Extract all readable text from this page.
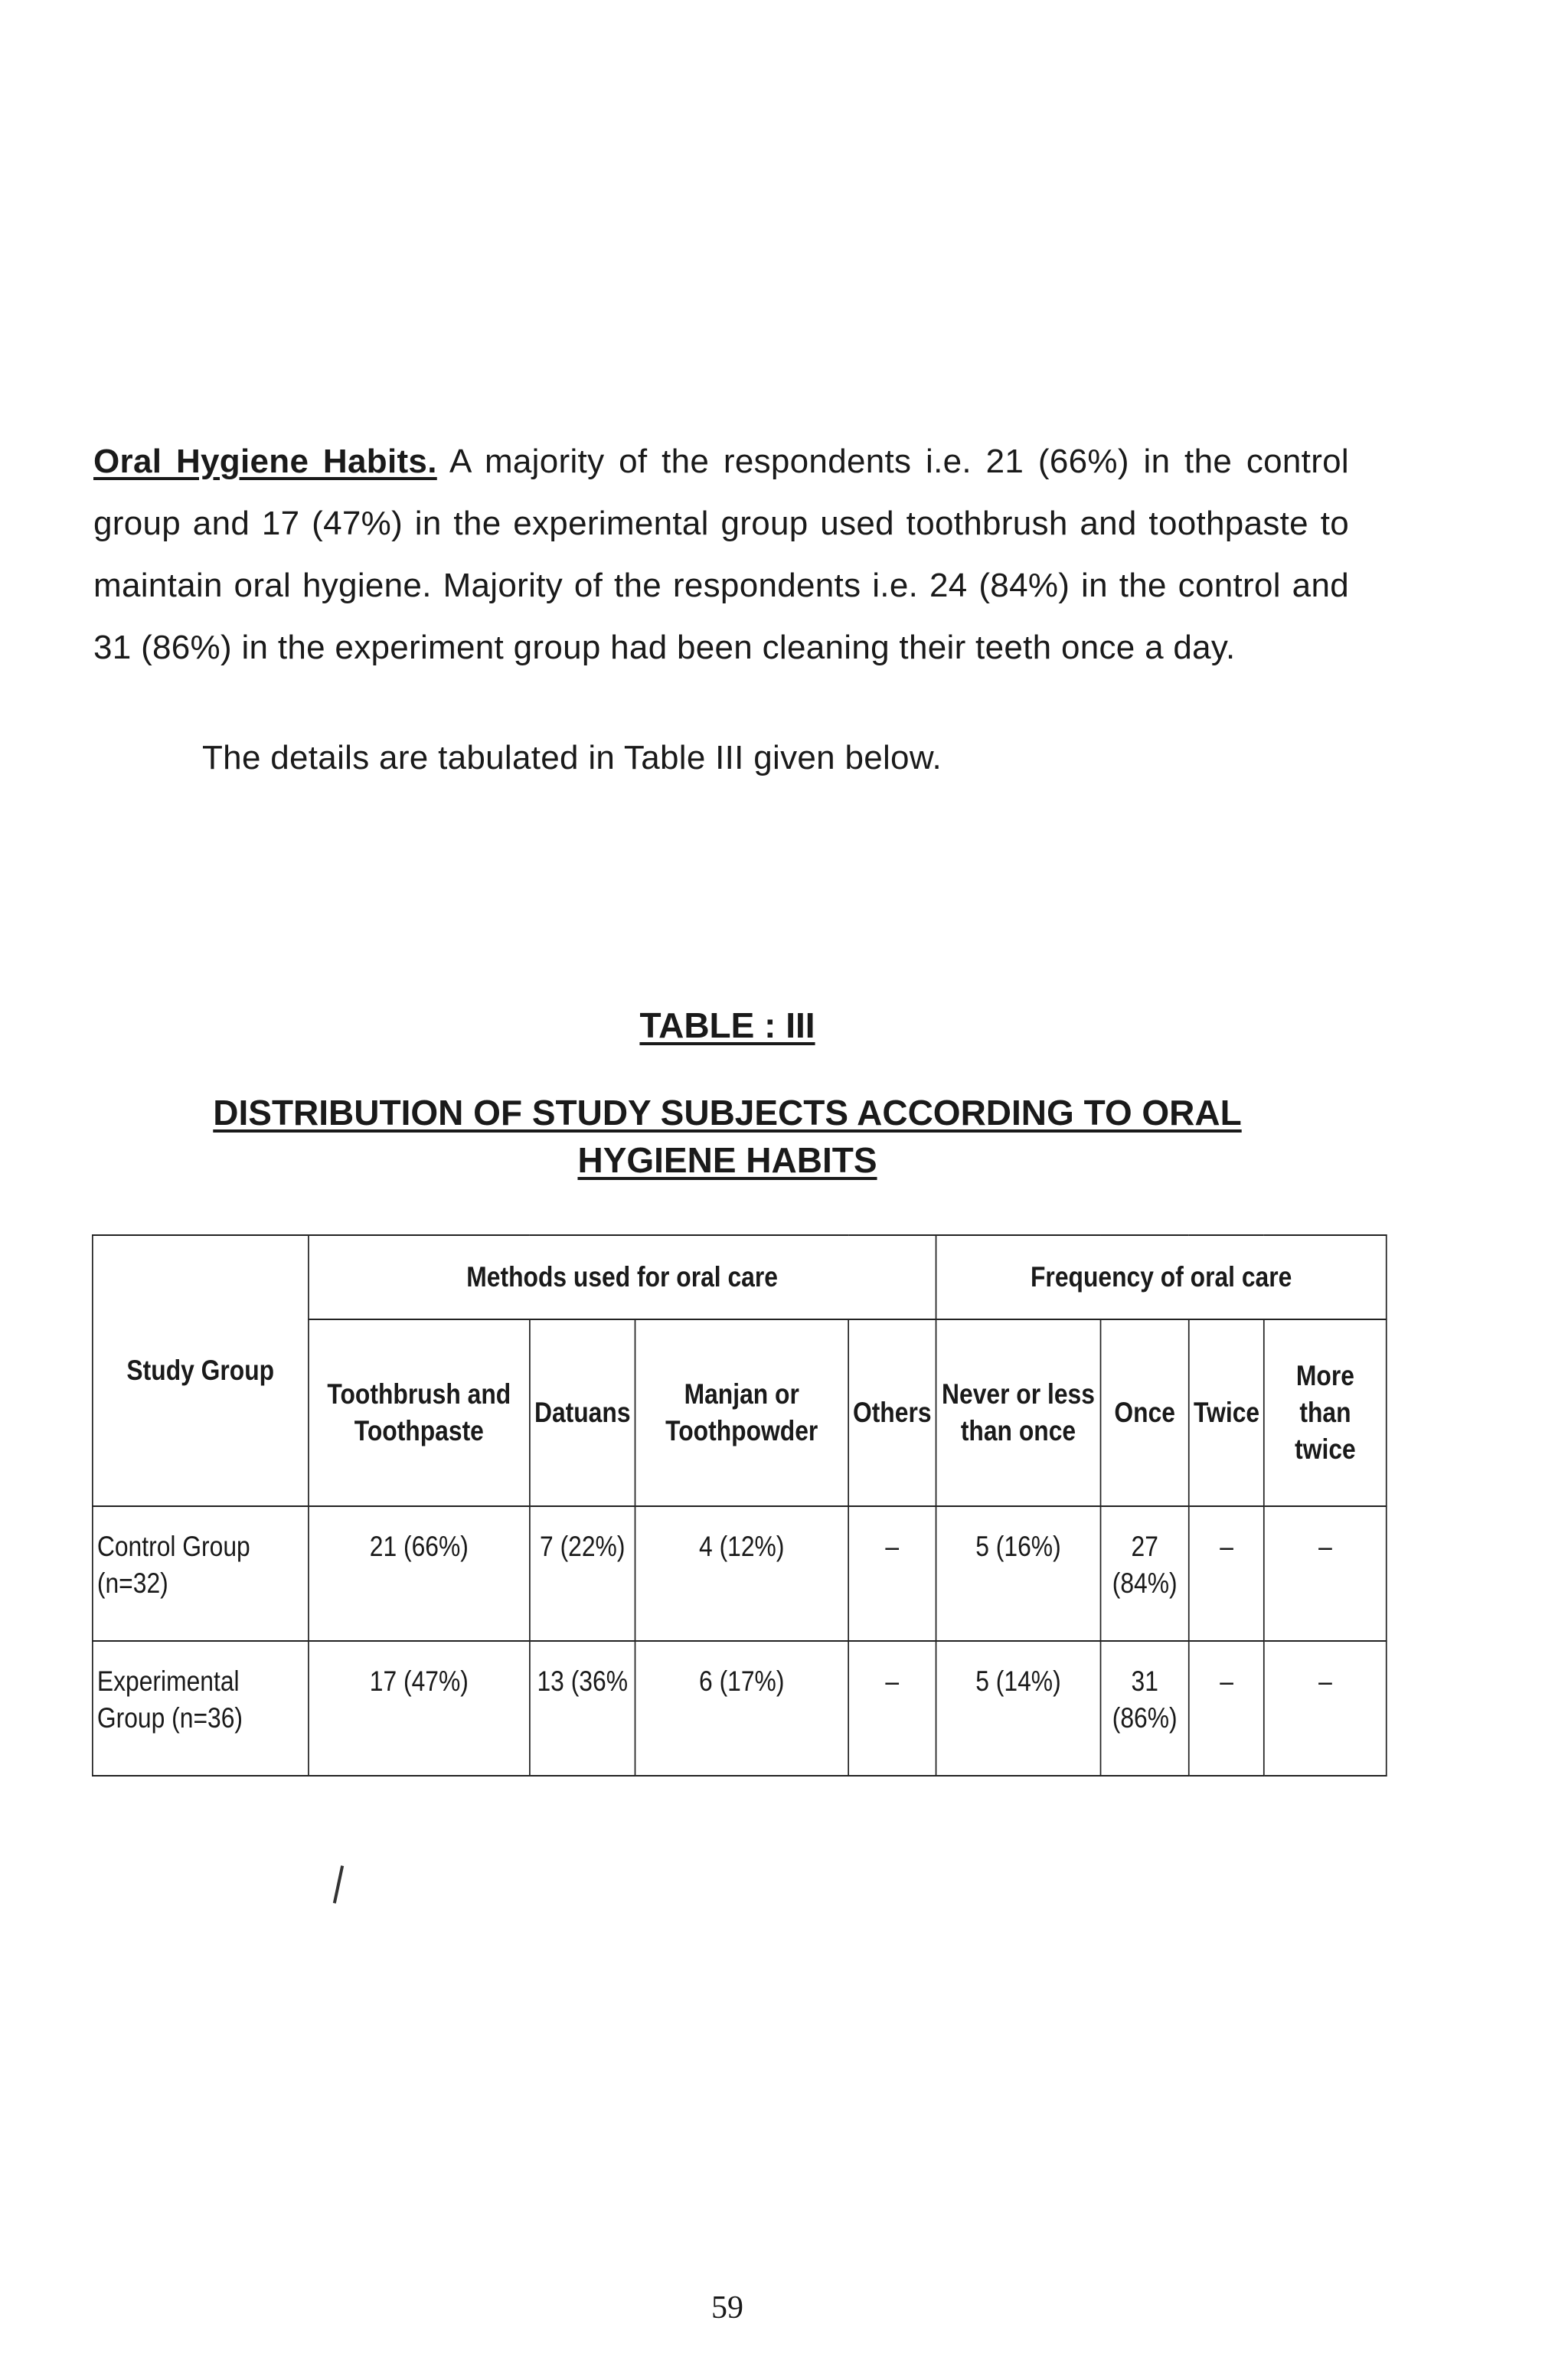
Oral Hygiene Habits. A majority of the respondents i.e. 21 (66%) in the control group and 17 (47%) in the experimental group used toothbrush and toothpaste to maintain oral hygiene. Majority of the respondents i.e. 24 (84%) in the control and 31 (86%) in the experiment group had been cleaning their teeth once a day.
The details are tabulated in Table III given below.
TABLE : III
DISTRIBUTION OF STUDY SUBJECTS ACCORDING TO ORAL
HYGIENE HABITS
Study Group	Methods used for oral care				Frequency of oral care			
	Toothbrush and Toothpaste	Datuans	Manjan or Toothpowder	Others	Never or less than once	Once	Twice	More than twice
Control Group (n=32)	21 (66%)	7 (22%)	4 (12%)	–	5 (16%)	27 (84%)	–	–
Experimental Group (n=36)	17 (47%)	13 (36%	6 (17%)	–	5 (14%)	31 (86%)	–	–
59
